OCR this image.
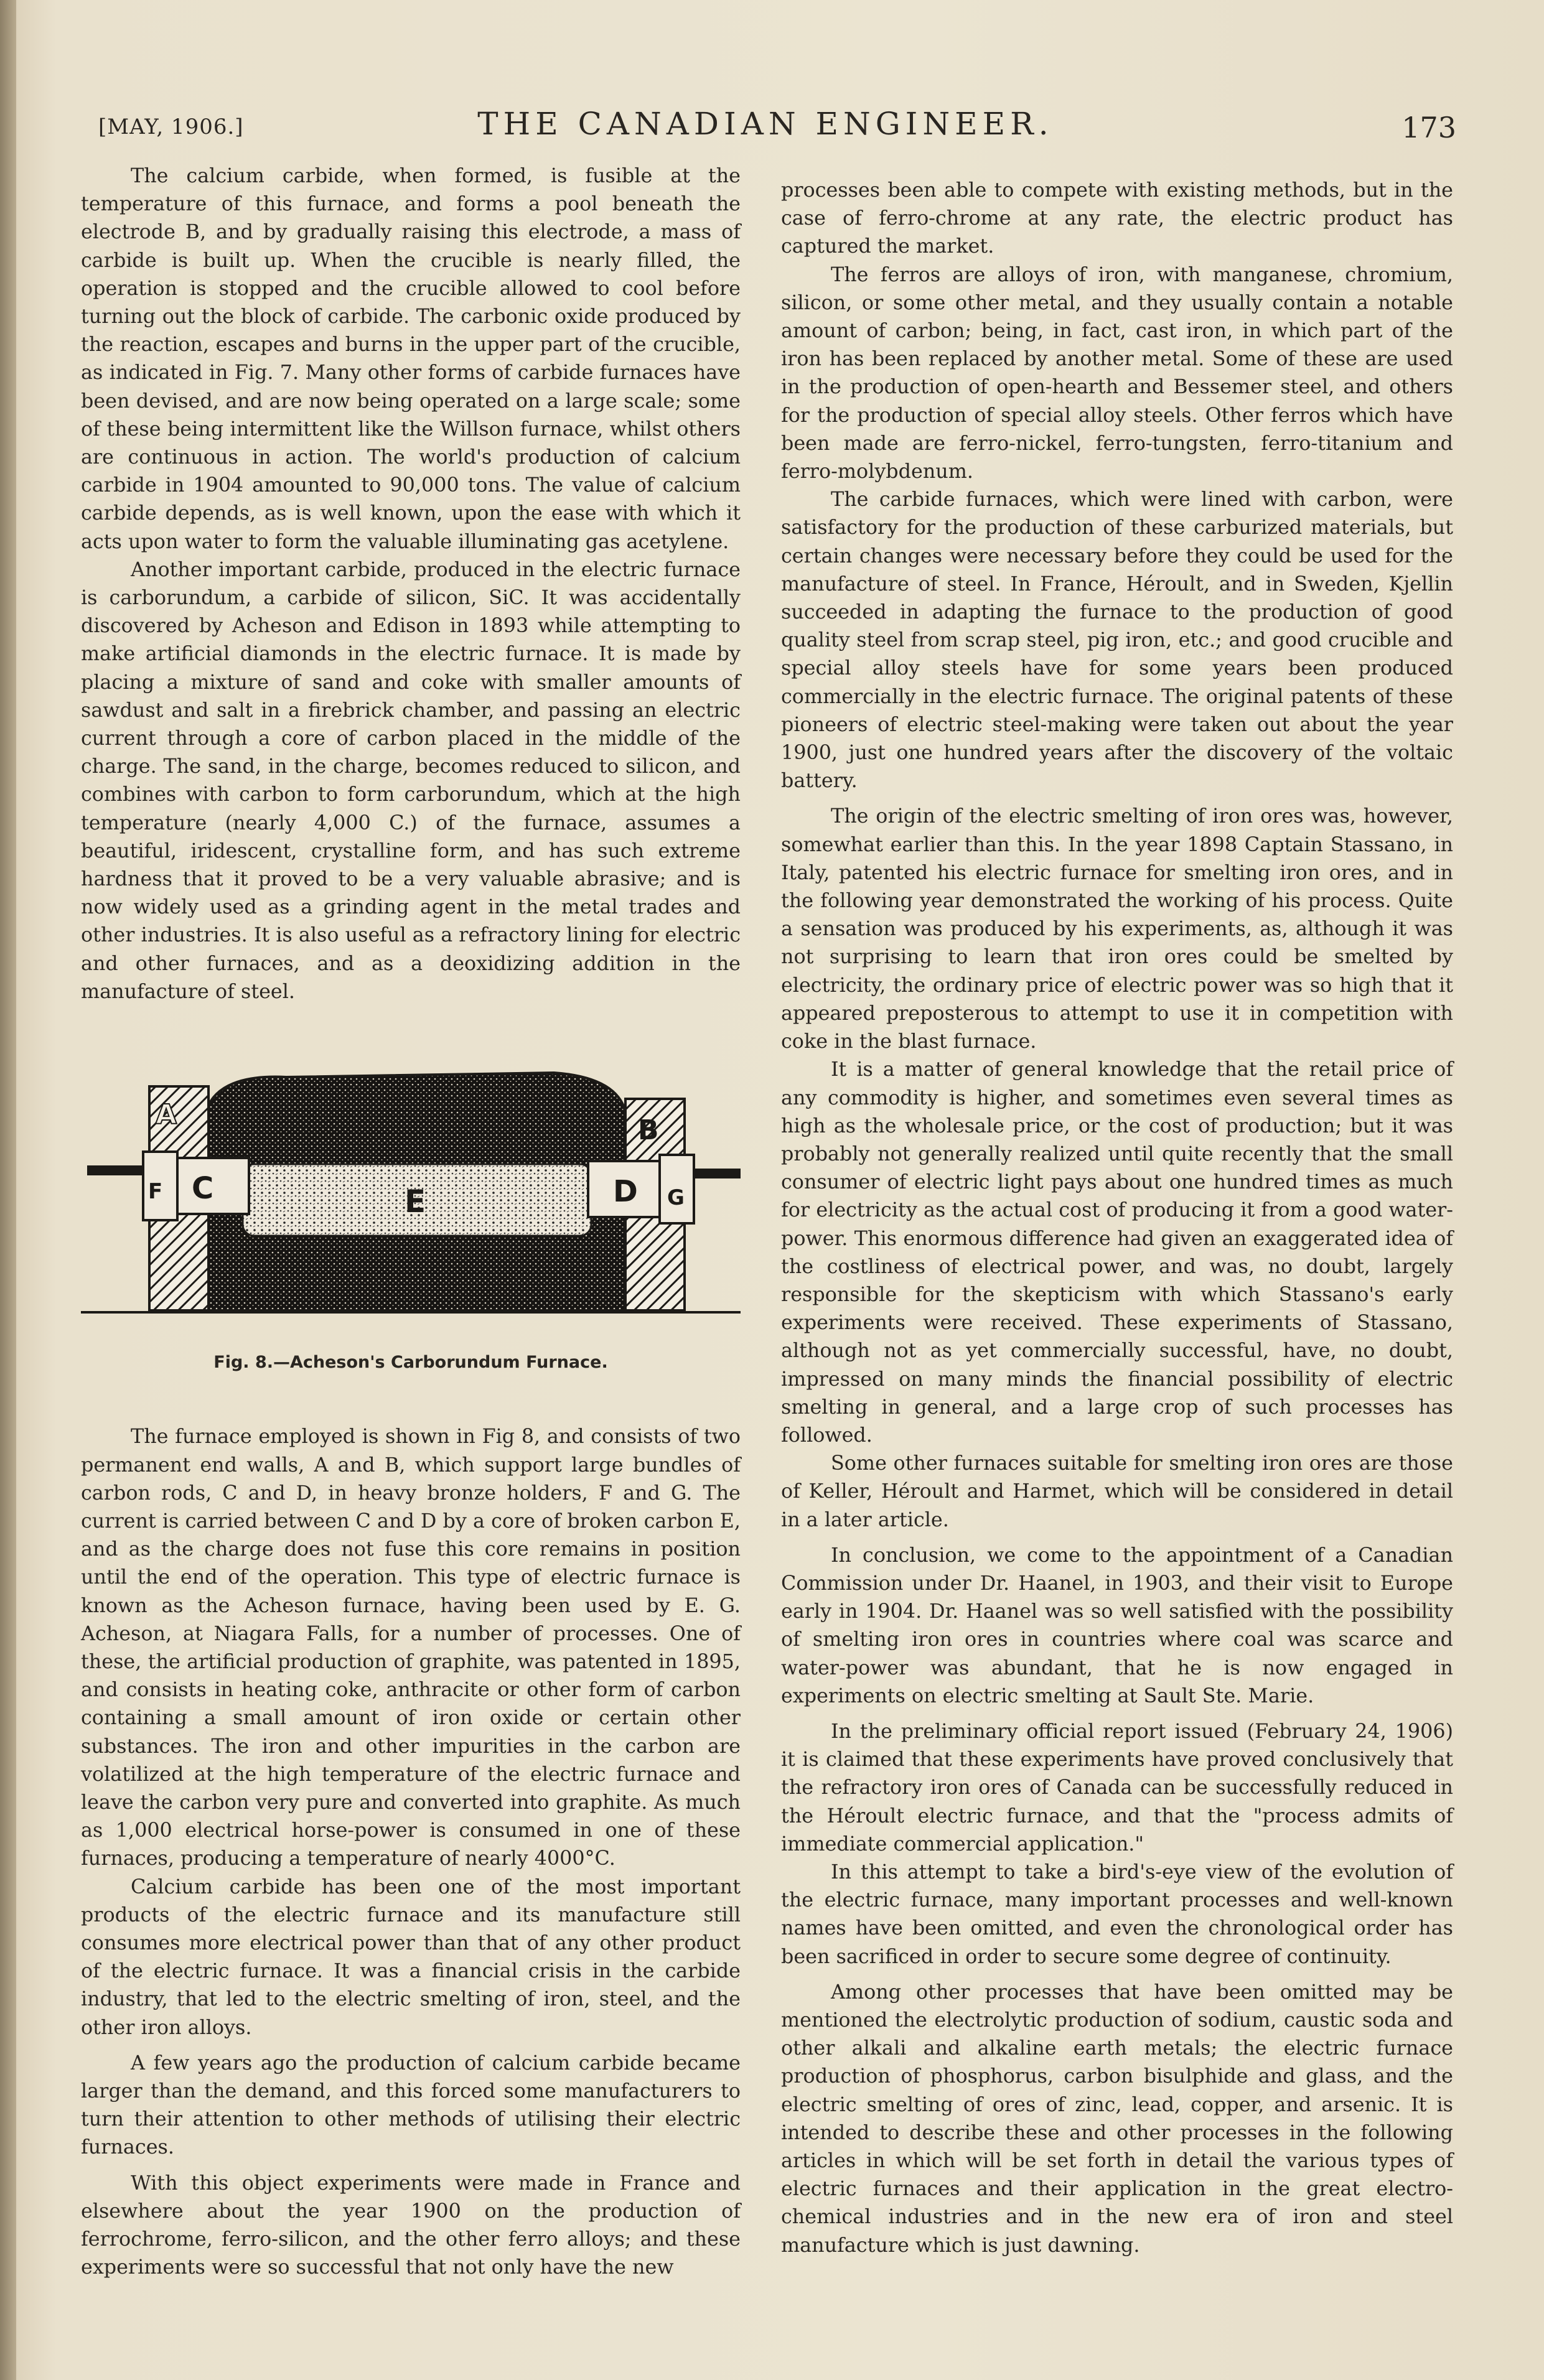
[MAY, 1906.]	THE CANADIAN ENGINEER.	173

The calcium carbide, when formed, is fusible at the temperature of this furnace, and forms a pool beneath the electrode B, and by gradually raising this electrode, a mass of carbide is built up. When the crucible is nearly filled, the operation is stopped and the crucible allowed to cool before turning out the block of carbide. The carbonic oxide produced by the reaction, escapes and burns in the upper part of the crucible, as indicated in Fig. 7. Many other forms of carbide furnaces have been devised, and are now being operated on a large scale; some of these being intermittent like the Willson furnace, whilst others are continuous in action. The world's production of calcium carbide in 1904 amounted to 90,000 tons. The value of calcium carbide depends, as is well known, upon the ease with which it acts upon water to form the valuable illuminating gas acetylene.

Another important carbide, produced in the electric furnace is carborundum, a carbide of silicon, SiC. It was accidentally discovered by Acheson and Edison in 1893 while attempting to make artificial diamonds in the electric furnace. It is made by placing a mixture of sand and coke with smaller amounts of sawdust and salt in a firebrick chamber, and passing an electric current through a core of carbon placed in the middle of the charge. The sand, in the charge, becomes reduced to silicon, and combines with carbon to form carborundum, which at the high temperature (nearly 4,000 C.) of the furnace, assumes a beautiful, iridescent, crystalline form, and has such extreme hardness that it proved to be a very valuable abrasive; and is now widely used as a grinding agent in the metal trades and other industries. It is also useful as a refractory lining for electric and other furnaces, and as a deoxidizing addition in the manufacture of steel.

A	B
C	D
E
F	G
Fig. 8.—Acheson's Carborundum Furnace.

The furnace employed is shown in Fig 8, and consists of two permanent end walls, A and B, which support large bundles of carbon rods, C and D, in heavy bronze holders, F and G. The current is carried between C and D by a core of broken carbon E, and as the charge does not fuse this core remains in position until the end of the operation. This type of electric furnace is known as the Acheson furnace, having been used by E. G. Acheson, at Niagara Falls, for a number of processes. One of these, the artificial production of graphite, was patented in 1895, and consists in heating coke, anthracite or other form of carbon containing a small amount of iron oxide or certain other substances. The iron and other impurities in the carbon are volatilized at the high temperature of the electric furnace and leave the carbon very pure and converted into graphite. As much as 1,000 electrical horse-power is consumed in one of these furnaces, producing a temperature of nearly 4000°C.

Calcium carbide has been one of the most important products of the electric furnace and its manufacture still consumes more electrical power than that of any other product of the electric furnace. It was a financial crisis in the carbide industry, that led to the electric smelting of iron, steel, and the other iron alloys.

A few years ago the production of calcium carbide became larger than the demand, and this forced some manufacturers to turn their attention to other methods of utilising their electric furnaces.

With this object experiments were made in France and elsewhere about the year 1900 on the production of ferrochrome, ferro-silicon, and the other ferro alloys; and these experiments were so successful that not only have the new

processes been able to compete with existing methods, but in the case of ferro-chrome at any rate, the electric product has captured the market.

The ferros are alloys of iron, with manganese, chromium, silicon, or some other metal, and they usually contain a notable amount of carbon; being, in fact, cast iron, in which part of the iron has been replaced by another metal. Some of these are used in the production of open-hearth and Bessemer steel, and others for the production of special alloy steels. Other ferros which have been made are ferro-nickel, ferro-tungsten, ferro-titanium and ferro-molybdenum.

The carbide furnaces, which were lined with carbon, were satisfactory for the production of these carburized materials, but certain changes were necessary before they could be used for the manufacture of steel. In France, Héroult, and in Sweden, Kjellin succeeded in adapting the furnace to the production of good quality steel from scrap steel, pig iron, etc.; and good crucible and special alloy steels have for some years been produced commercially in the electric furnace. The original patents of these pioneers of electric steel-making were taken out about the year 1900, just one hundred years after the discovery of the voltaic battery.

The origin of the electric smelting of iron ores was, however, somewhat earlier than this. In the year 1898 Captain Stassano, in Italy, patented his electric furnace for smelting iron ores, and in the following year demonstrated the working of his process. Quite a sensation was produced by his experiments, as, although it was not surprising to learn that iron ores could be smelted by electricity, the ordinary price of electric power was so high that it appeared preposterous to attempt to use it in competition with coke in the blast furnace.

It is a matter of general knowledge that the retail price of any commodity is higher, and sometimes even several times as high as the wholesale price, or the cost of production; but it was probably not generally realized until quite recently that the small consumer of electric light pays about one hundred times as much for electricity as the actual cost of producing it from a good water-power. This enormous difference had given an exaggerated idea of the costliness of electrical power, and was, no doubt, largely responsible for the skepticism with which Stassano's early experiments were received. These experiments of Stassano, although not as yet commercially successful, have, no doubt, impressed on many minds the financial possibility of electric smelting in general, and a large crop of such processes has followed.

Some other furnaces suitable for smelting iron ores are those of Keller, Héroult and Harmet, which will be considered in detail in a later article.

In conclusion, we come to the appointment of a Canadian Commission under Dr. Haanel, in 1903, and their visit to Europe early in 1904. Dr. Haanel was so well satisfied with the possibility of smelting iron ores in countries where coal was scarce and water-power was abundant, that he is now engaged in experiments on electric smelting at Sault Ste. Marie.

In the preliminary official report issued (February 24, 1906) it is claimed that these experiments have proved conclusively that the refractory iron ores of Canada can be successfully reduced in the Héroult electric furnace, and that the "process admits of immediate commercial application."

In this attempt to take a bird's-eye view of the evolution of the electric furnace, many important processes and well-known names have been omitted, and even the chronological order has been sacrificed in order to secure some degree of continuity.

Among other processes that have been omitted may be mentioned the electrolytic production of sodium, caustic soda and other alkali and alkaline earth metals; the electric furnace production of phosphorus, carbon bisulphide and glass, and the electric smelting of ores of zinc, lead, copper, and arsenic. It is intended to describe these and other processes in the following articles in which will be set forth in detail the various types of electric furnaces and their application in the great electro-chemical industries and in the new era of iron and steel manufacture which is just dawning.
